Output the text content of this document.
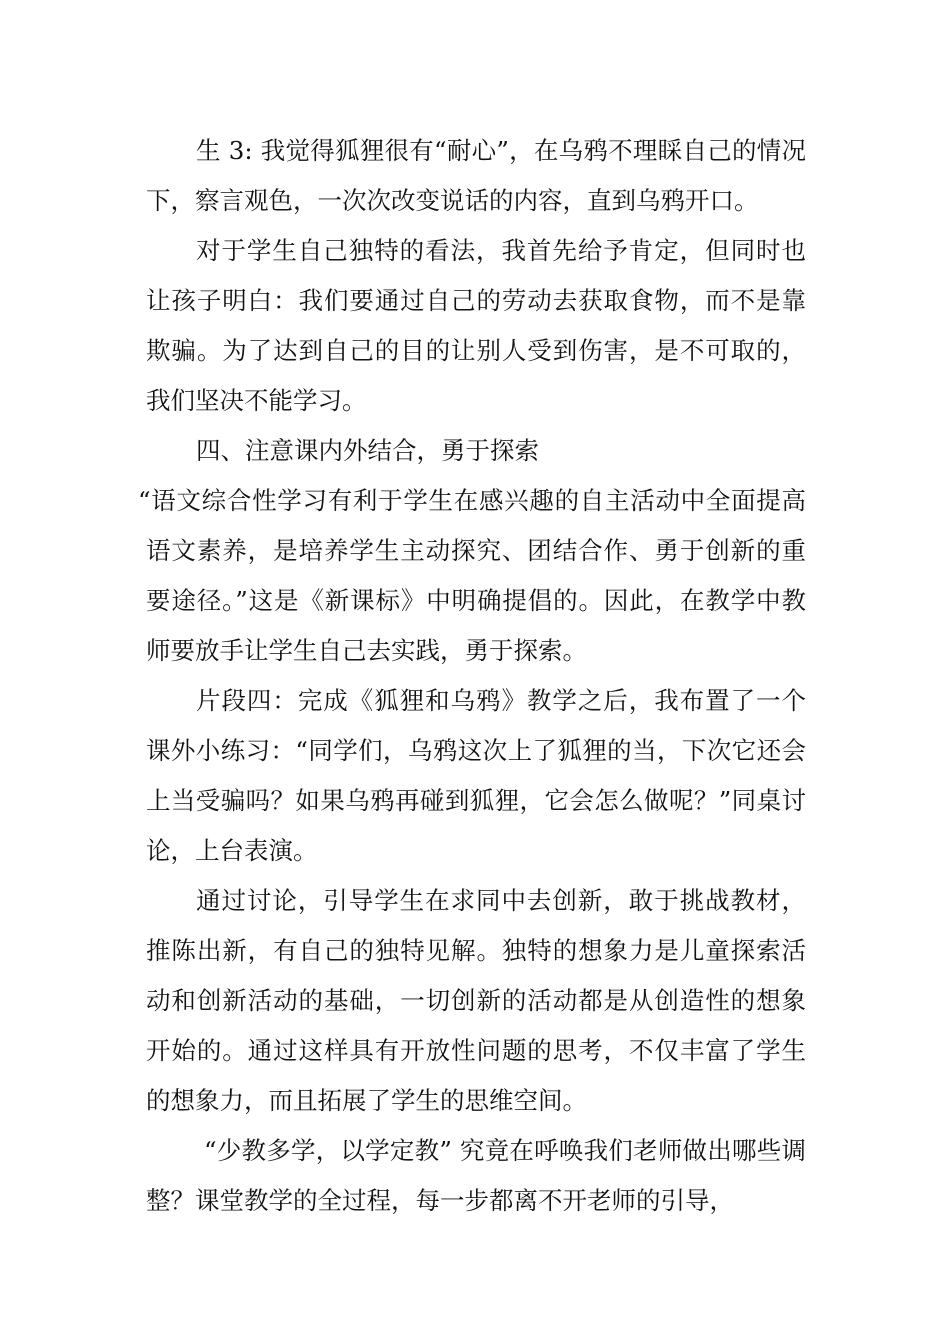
生 3: 我觉得狐狸很有“耐心”，在乌鸦不理睬自己的情况下，察言观色，一次次改变说话的内容，直到乌鸦开口。

对于学生自己独特的看法，我首先给予肯定，但同时也让孩子明白：我们要通过自己的劳动去获取食物，而不是靠欺骗。为了达到自己的目的让别人受到伤害，是不可取的，我们坚决不能学习。

四、注意课内外结合，勇于探索

“语文综合性学习有利于学生在感兴趣的自主活动中全面提高语文素养，是培养学生主动探究、团结合作、勇于创新的重要途径。”这是《新课标》中明确提倡的。因此，在教学中教师要放手让学生自己去实践，勇于探索。

片段四：完成《狐狸和乌鸦》教学之后，我布置了一个课外小练习：“同学们，乌鸦这次上了狐狸的当，下次它还会上当受骗吗？如果乌鸦再碰到狐狸，它会怎么做呢？”同桌讨论，上台表演。

通过讨论，引导学生在求同中去创新，敢于挑战教材，推陈出新，有自己的独特见解。独特的想象力是儿童探索活动和创新活动的基础，一切创新的活动都是从创造性的想象开始的。通过这样具有开放性问题的思考，不仅丰富了学生的想象力，而且拓展了学生的思维空间。

“少教多学，以学定教” 究竟在呼唤我们老师做出哪些调整？课堂教学的全过程，每一步都离不开老师的引导，
